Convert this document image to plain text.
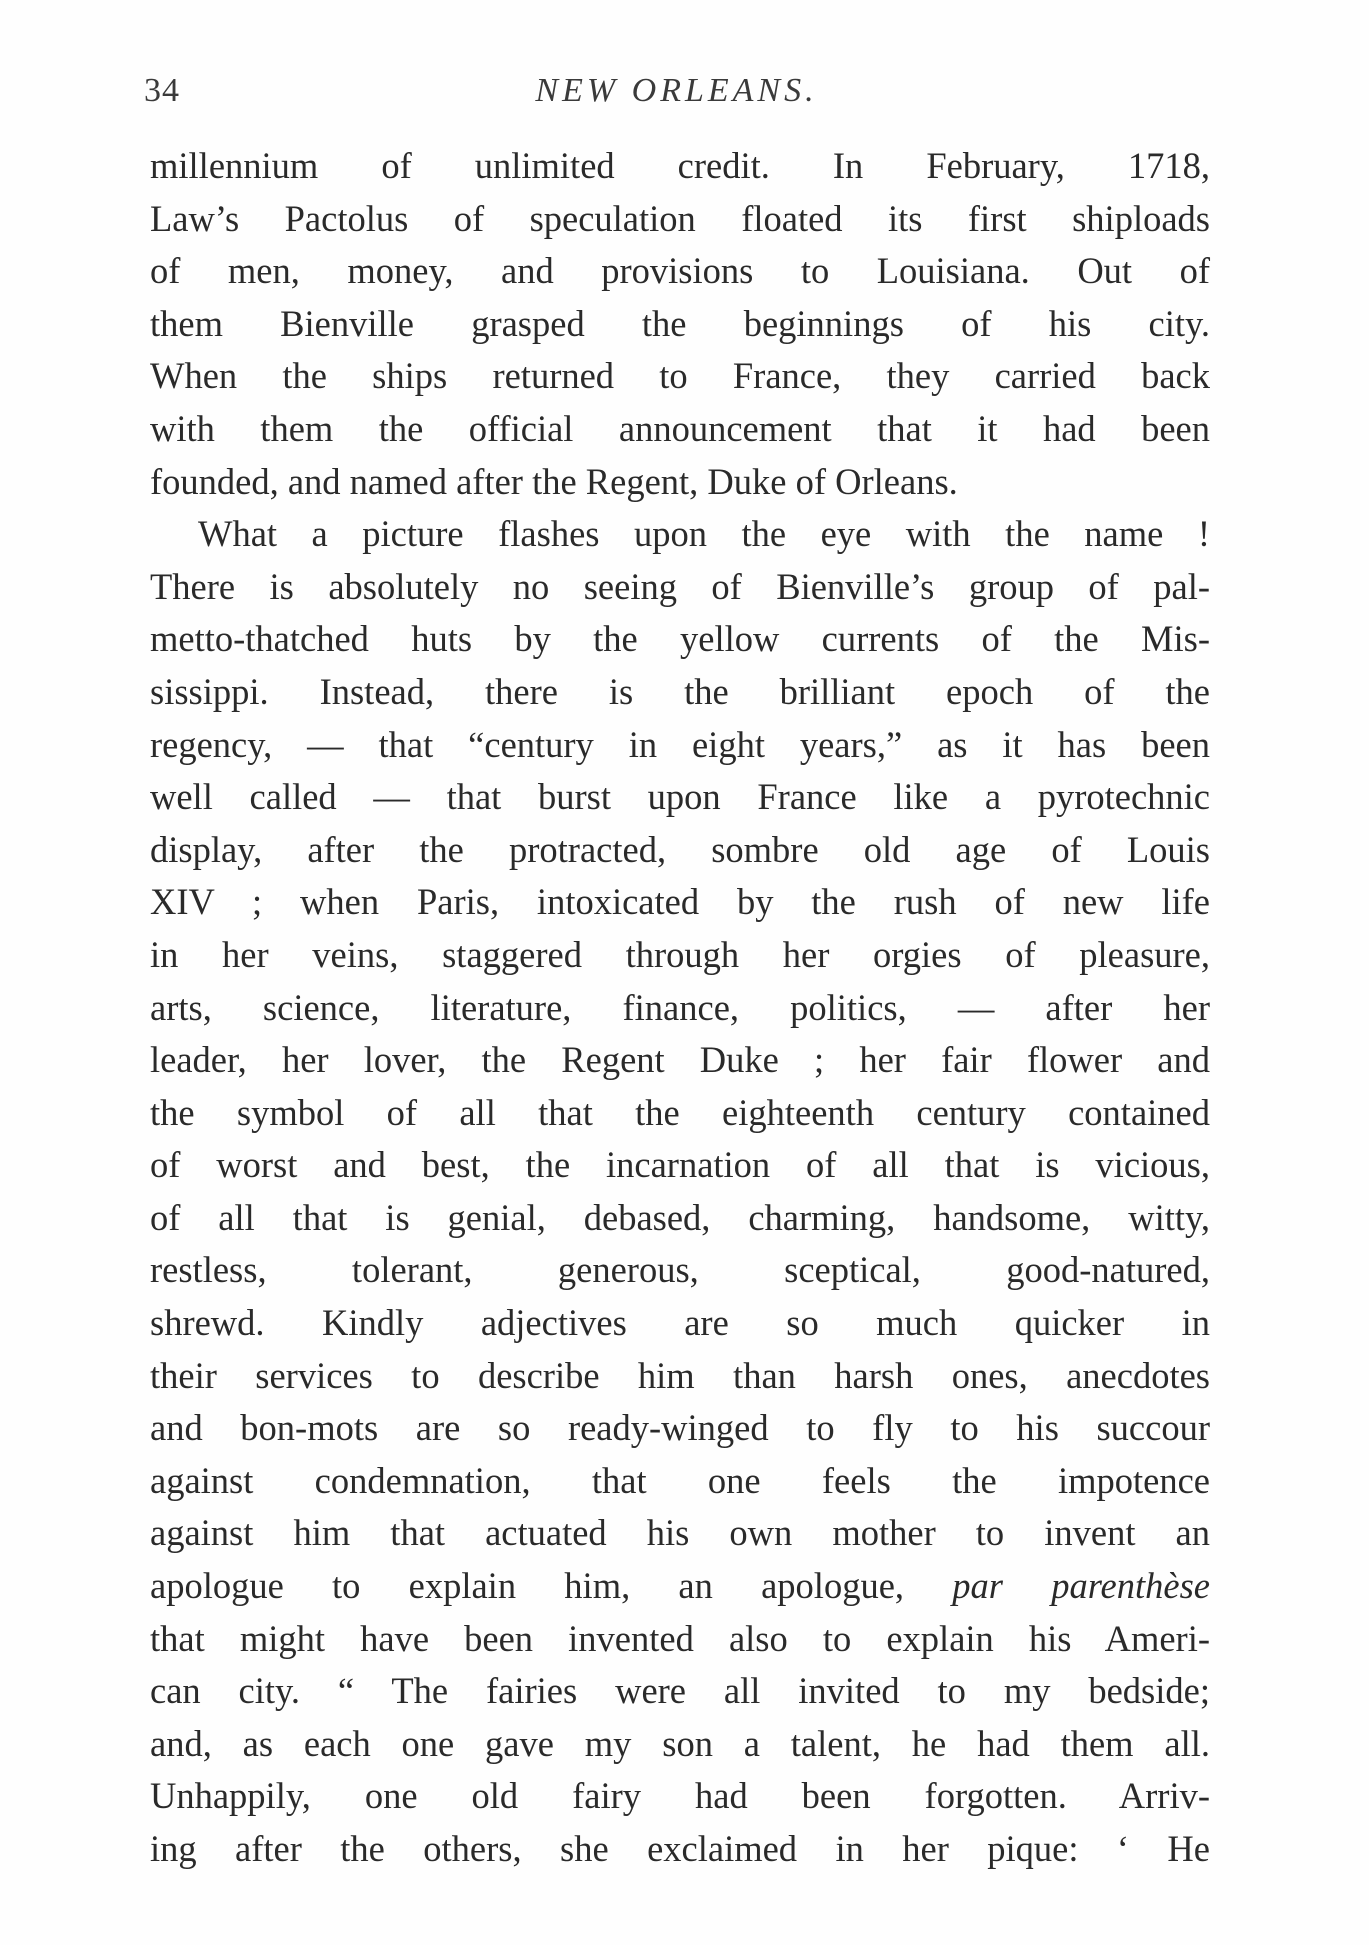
34	NEW ORLEANS.
millennium of unlimited credit. In February, 1718,
Law’s Pactolus of speculation floated its first shiploads
of men, money, and provisions to Louisiana. Out of
them Bienville grasped the beginnings of his city.
When the ships returned to France, they carried back
with them the official announcement that it had been
founded, and named after the Regent, Duke of Orleans.
What a picture flashes upon the eye with the name !
There is absolutely no seeing of Bienville’s group of pal-
metto-thatched huts by the yellow currents of the Mis-
sissippi. Instead, there is the brilliant epoch of the
regency, — that “century in eight years,” as it has been
well called — that burst upon France like a pyrotechnic
display, after the protracted, sombre old age of Louis
XIV ; when Paris, intoxicated by the rush of new life
in her veins, staggered through her orgies of pleasure,
arts, science, literature, finance, politics, — after her
leader, her lover, the Regent Duke ; her fair flower and
the symbol of all that the eighteenth century contained
of worst and best, the incarnation of all that is vicious,
of all that is genial, debased, charming, handsome, witty,
restless, tolerant, generous, sceptical, good-natured,
shrewd. Kindly adjectives are so much quicker in
their services to describe him than harsh ones, anecdotes
and bon-mots are so ready-winged to fly to his succour
against condemnation, that one feels the impotence
against him that actuated his own mother to invent an
apologue to explain him, an apologue, par parenthèse
that might have been invented also to explain his Ameri-
can city. “ The fairies were all invited to my bedside;
and, as each one gave my son a talent, he had them all.
Unhappily, one old fairy had been forgotten. Arriv-
ing after the others, she exclaimed in her pique: ‘ He
